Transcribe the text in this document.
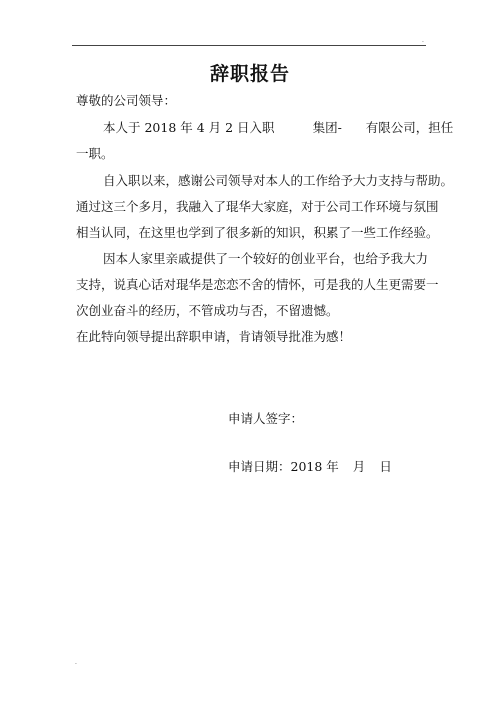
.
辞职报告
尊敬的公司领导：
本人于 2018 年 4 月 2 日入职	集团- 有限公司，担任
一职。
自入职以来，感谢公司领导对本人的工作给予大力支持与帮助。
通过这三个多月，我融入了琨华大家庭，对于公司工作环境与氛围
相当认同，在这里也学到了很多新的知识，积累了一些工作经验。
因本人家里亲戚提供了一个较好的创业平台，也给予我大力
支持，说真心话对琨华是恋恋不舍的情怀，可是我的人生更需要一
次创业奋斗的经历，不管成功与否，不留遗憾。
在此特向领导提出辞职申请，肯请领导批准为感！
申请人签字：
申请日期：2018 年 月 日
.
